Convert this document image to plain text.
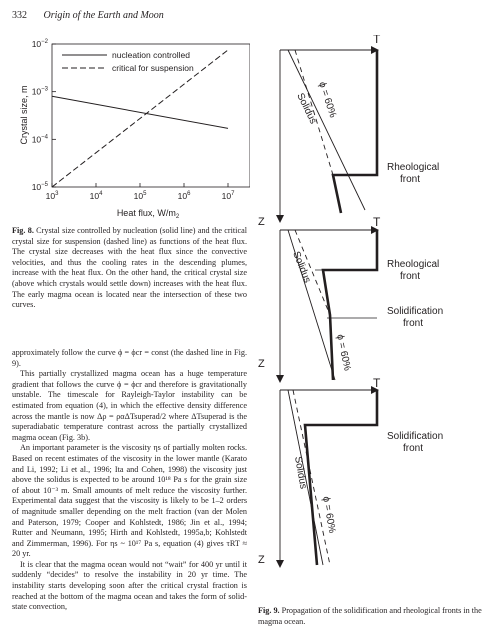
332 Origin of the Earth and Moon
$10^{-5}$
$10^{-4}$
$10^{-3}$
$10^{-2}$
$10^3$	$10^4$	$10^5$	$10^6$	$10^7$
nucleation controlled
critical for suspension
Crystal size, m
Heat flux, $W/m_2$
Fig. 8. Crystal size controlled by nucleation (solid line) and the critical crystal size for suspension (dashed line) as functions of the heat flux. The crystal size decreases with the heat flux since the convective velocities, and thus the cooling rates in the descending plumes, increase with the heat flux. On the other hand, the critical crystal size (above which crystals would settle down) increases with the heat flux. The early magma ocean is located near the intersection of these two curves.

approximately follow the curve ϕ = ϕcr = const (the dashed line in Fig. 9).

This partially crystallized magma ocean has a huge temperature gradient that follows the curve ϕ = ϕcr and therefore is gravitationally unstable. The timescale for Rayleigh-Taylor instability can be estimated from equation (4), in which the effective density difference across the mantle is now Δρ = ραΔTsuperad/2 where ΔTsuperad is the superadiabatic temperature contrast across the partially crystallized magma ocean (Fig. 3b).

An important parameter is the viscosity ηs of partially molten rocks. Based on recent estimates of the viscosity in the lower mantle (Karato and Li, 1992; Li et al., 1996; Ita and Cohen, 1998) the viscosity just above the solidus is expected to be around 10¹⁸ Pa s for the grain size of about 10⁻³ m. Small amounts of melt reduce the viscosity further. Experimental data suggest that the viscosity is likely to be 1–2 orders of magnitude smaller depending on the melt fraction (van der Molen and Paterson, 1979; Cooper and Kohlstedt, 1986; Jin et al., 1994; Rutter and Neumann, 1995; Hirth and Kohlstedt, 1995a,b; Kohlstedt and Zimmerman, 1996). For ηs ~ 10¹⁷ Pa s, equation (4) gives τRT ≈ 20 yr.

It is clear that the magma ocean would not “wait” for 400 yr until it suddenly “decides” to resolve the instability in 20 yr time. The instability starts developing soon after the critical crystal fraction is reached at the bottom of the magma ocean and takes the form of solid-state convection,

T
Z
ϕ = 60%
Solidus
Rheological
front
T
Z
Solidus
ϕ = 60%
Rheological
front
Solidification
front
T
Z
Solidus
ϕ = 60%
Solidification
front
Fig. 9. Propagation of the solidification and rheological fronts in the magma ocean.
